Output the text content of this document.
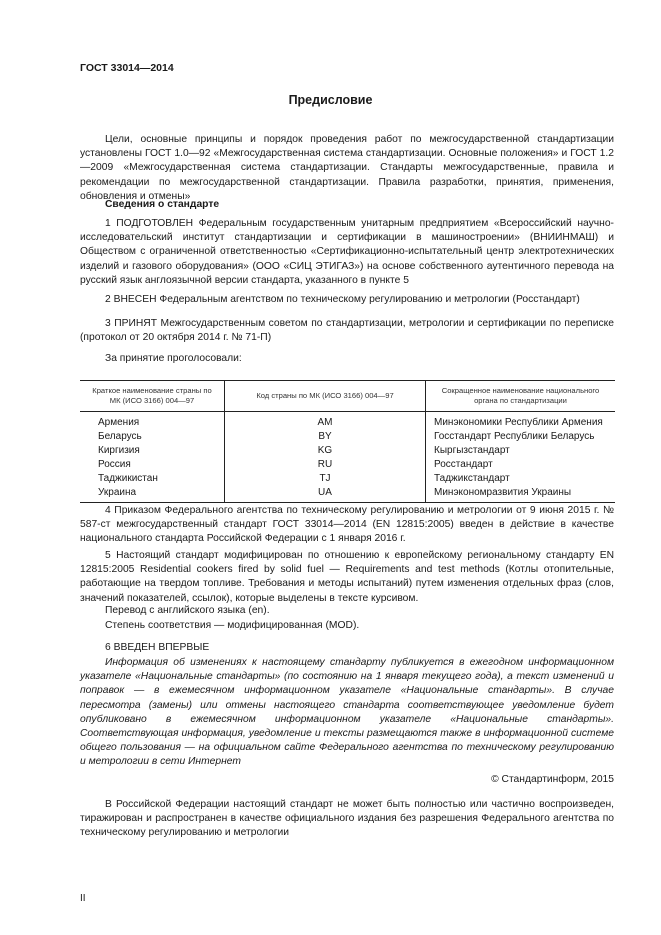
ГОСТ 33014—2014
Предисловие

Цели, основные принципы и порядок проведения работ по межгосударственной стандартизации установлены ГОСТ 1.0—92 «Межгосударственная система стандартизации. Основные положения» и ГОСТ 1.2—2009 «Межгосударственная система стандартизации. Стандарты межгосударственные, правила и рекомендации по межгосударственной стандартизации. Правила разработки, принятия, применения, обновления и отмены»

Сведения о стандарте

1 ПОДГОТОВЛЕН Федеральным государственным унитарным предприятием «Всероссийский научно-исследовательский институт стандартизации и сертификации в машиностроении» (ВНИИНМАШ) и Обществом с ограниченной ответственностью «Сертификационно-испытательный центр электротехнических изделий и газового оборудования» (ООО «СИЦ ЭТИГАЗ») на основе собственного аутентичного перевода на русский язык англоязычной версии стандарта, указанного в пункте 5

2 ВНЕСЕН Федеральным агентством по техническому регулированию и метрологии (Росстандарт)

3 ПРИНЯТ Межгосударственным советом по стандартизации, метрологии и сертификации по переписке (протокол от 20 октября 2014 г. № 71-П)

За принятие проголосовали:
Краткое наименование страны по МК (ИСО 3166) 004—97	Код страны по МК (ИСО 3166) 004—97	Сокращенное наименование национального органа по стандартизации
Армения	AM	Минэкономики Республики Армения
Беларусь	BY	Госстандарт Республики Беларусь
Киргизия	KG	Кыргызстандарт
Россия	RU	Росстандарт
Таджикистан	TJ	Таджикстандарт
Украина	UA	Минэкономразвития Украины

4 Приказом Федерального агентства по техническому регулированию и метрологии от 9 июня 2015 г. № 587-ст межгосударственный стандарт ГОСТ 33014—2014 (EN 12815:2005) введен в действие в качестве национального стандарта Российской Федерации с 1 января 2016 г.

5 Настоящий стандарт модифицирован по отношению к европейскому региональному стандарту EN 12815:2005 Residential cookers fired by solid fuel — Requirements and test methods (Котлы отопительные, работающие на твердом топливе. Требования и методы испытаний) путем изменения отдельных фраз (слов, значений показателей, ссылок), которые выделены в тексте курсивом.

Перевод с английского языка (en).
Степень соответствия — модифицированная (MOD).
6 ВВЕДЕН ВПЕРВЫЕ

Информация об изменениях к настоящему стандарту публикуется в ежегодном информационном указателе «Национальные стандарты» (по состоянию на 1 января текущего года), а текст изменений и поправок — в ежемесячном информационном указателе «Национальные стандарты». В случае пересмотра (замены) или отмены настоящего стандарта соответствующее уведомление будет опубликовано в ежемесячном информационном указателе «Национальные стандарты». Соответствующая информация, уведомление и тексты размещаются также в информационной системе общего пользования — на официальном сайте Федерального агентства по техническому регулированию и метрологии в сети Интернет

© Стандартинформ, 2015

В Российской Федерации настоящий стандарт не может быть полностью или частично воспроизведен, тиражирован и распространен в качестве официального издания без разрешения Федерального агентства по техническому регулированию и метрологии

II
